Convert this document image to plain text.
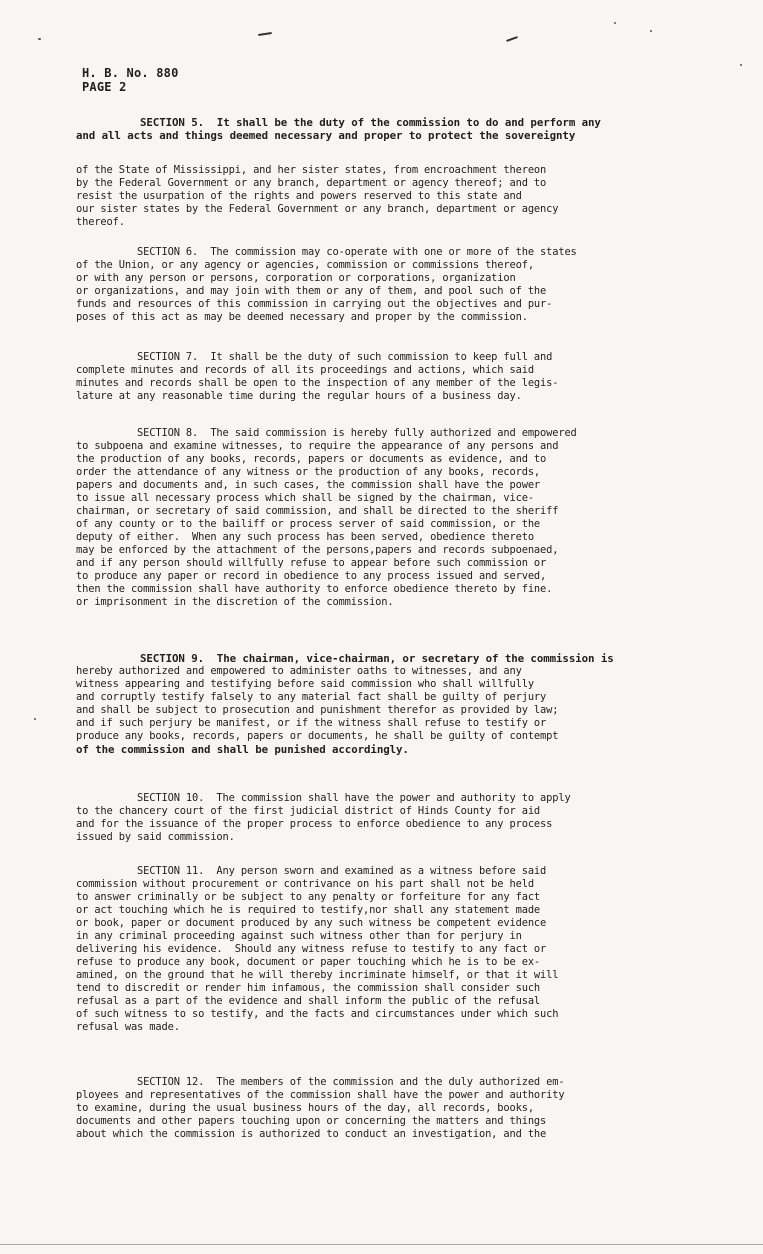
H. B. No. 880
PAGE 2
SECTION 5.  It shall be the duty of the commission to do and perform any
and all acts and things deemed necessary and proper to protect the sovereignty
of the State of Mississippi, and her sister states, from encroachment thereon
by the Federal Government or any branch, department or agency thereof; and to
resist the usurpation of the rights and powers reserved to this state and
our sister states by the Federal Government or any branch, department or agency
thereof.
SECTION 6.  The commission may co-operate with one or more of the states
of the Union, or any agency or agencies, commission or commissions thereof,
or with any person or persons, corporation or corporations, organization
or organizations, and may join with them or any of them, and pool such of the
funds and resources of this commission in carrying out the objectives and pur-
poses of this act as may be deemed necessary and proper by the commission.
SECTION 7.  It shall be the duty of such commission to keep full and
complete minutes and records of all its proceedings and actions, which said
minutes and records shall be open to the inspection of any member of the legis-
lature at any reasonable time during the regular hours of a business day.
SECTION 8.  The said commission is hereby fully authorized and empowered
to subpoena and examine witnesses, to require the appearance of any persons and
the production of any books, records, papers or documents as evidence, and to
order the attendance of any witness or the production of any books, records,
papers and documents and, in such cases, the commission shall have the power
to issue all necessary process which shall be signed by the chairman, vice-
chairman, or secretary of said commission, and shall be directed to the sheriff
of any county or to the bailiff or process server of said commission, or the
deputy of either.  When any such process has been served, obedience thereto
may be enforced by the attachment of the persons,papers and records subpoenaed,
and if any person should willfully refuse to appear before such commission or
to produce any paper or record in obedience to any process issued and served,
then the commission shall have authority to enforce obedience thereto by fine.
or imprisonment in the discretion of the commission.
SECTION 9.  The chairman, vice-chairman, or secretary of the commission is
hereby authorized and empowered to administer oaths to witnesses, and any
witness appearing and testifying before said commission who shall willfully
and corruptly testify falsely to any material fact shall be guilty of perjury
and shall be subject to prosecution and punishment therefor as provided by law;
and if such perjury be manifest, or if the witness shall refuse to testify or
produce any books, records, papers or documents, he shall be guilty of contempt
of the commission and shall be punished accordingly.
SECTION 10.  The commission shall have the power and authority to apply
to the chancery court of the first judicial district of Hinds County for aid
and for the issuance of the proper process to enforce obedience to any process
issued by said commission.
SECTION 11.  Any person sworn and examined as a witness before said
commission without procurement or contrivance on his part shall not be held
to answer criminally or be subject to any penalty or forfeiture for any fact
or act touching which he is required to testify,nor shall any statement made
or book, paper or document produced by any such witness be competent evidence
in any criminal proceeding against such witness other than for perjury in
delivering his evidence.  Should any witness refuse to testify to any fact or
refuse to produce any book, document or paper touching which he is to be ex-
amined, on the ground that he will thereby incriminate himself, or that it will
tend to discredit or render him infamous, the commission shall consider such
refusal as a part of the evidence and shall inform the public of the refusal
of such witness to so testify, and the facts and circumstances under which such
refusal was made.
SECTION 12.  The members of the commission and the duly authorized em-
ployees and representatives of the commission shall have the power and authority
to examine, during the usual business hours of the day, all records, books,
documents and other papers touching upon or concerning the matters and things
about which the commission is authorized to conduct an investigation, and the
